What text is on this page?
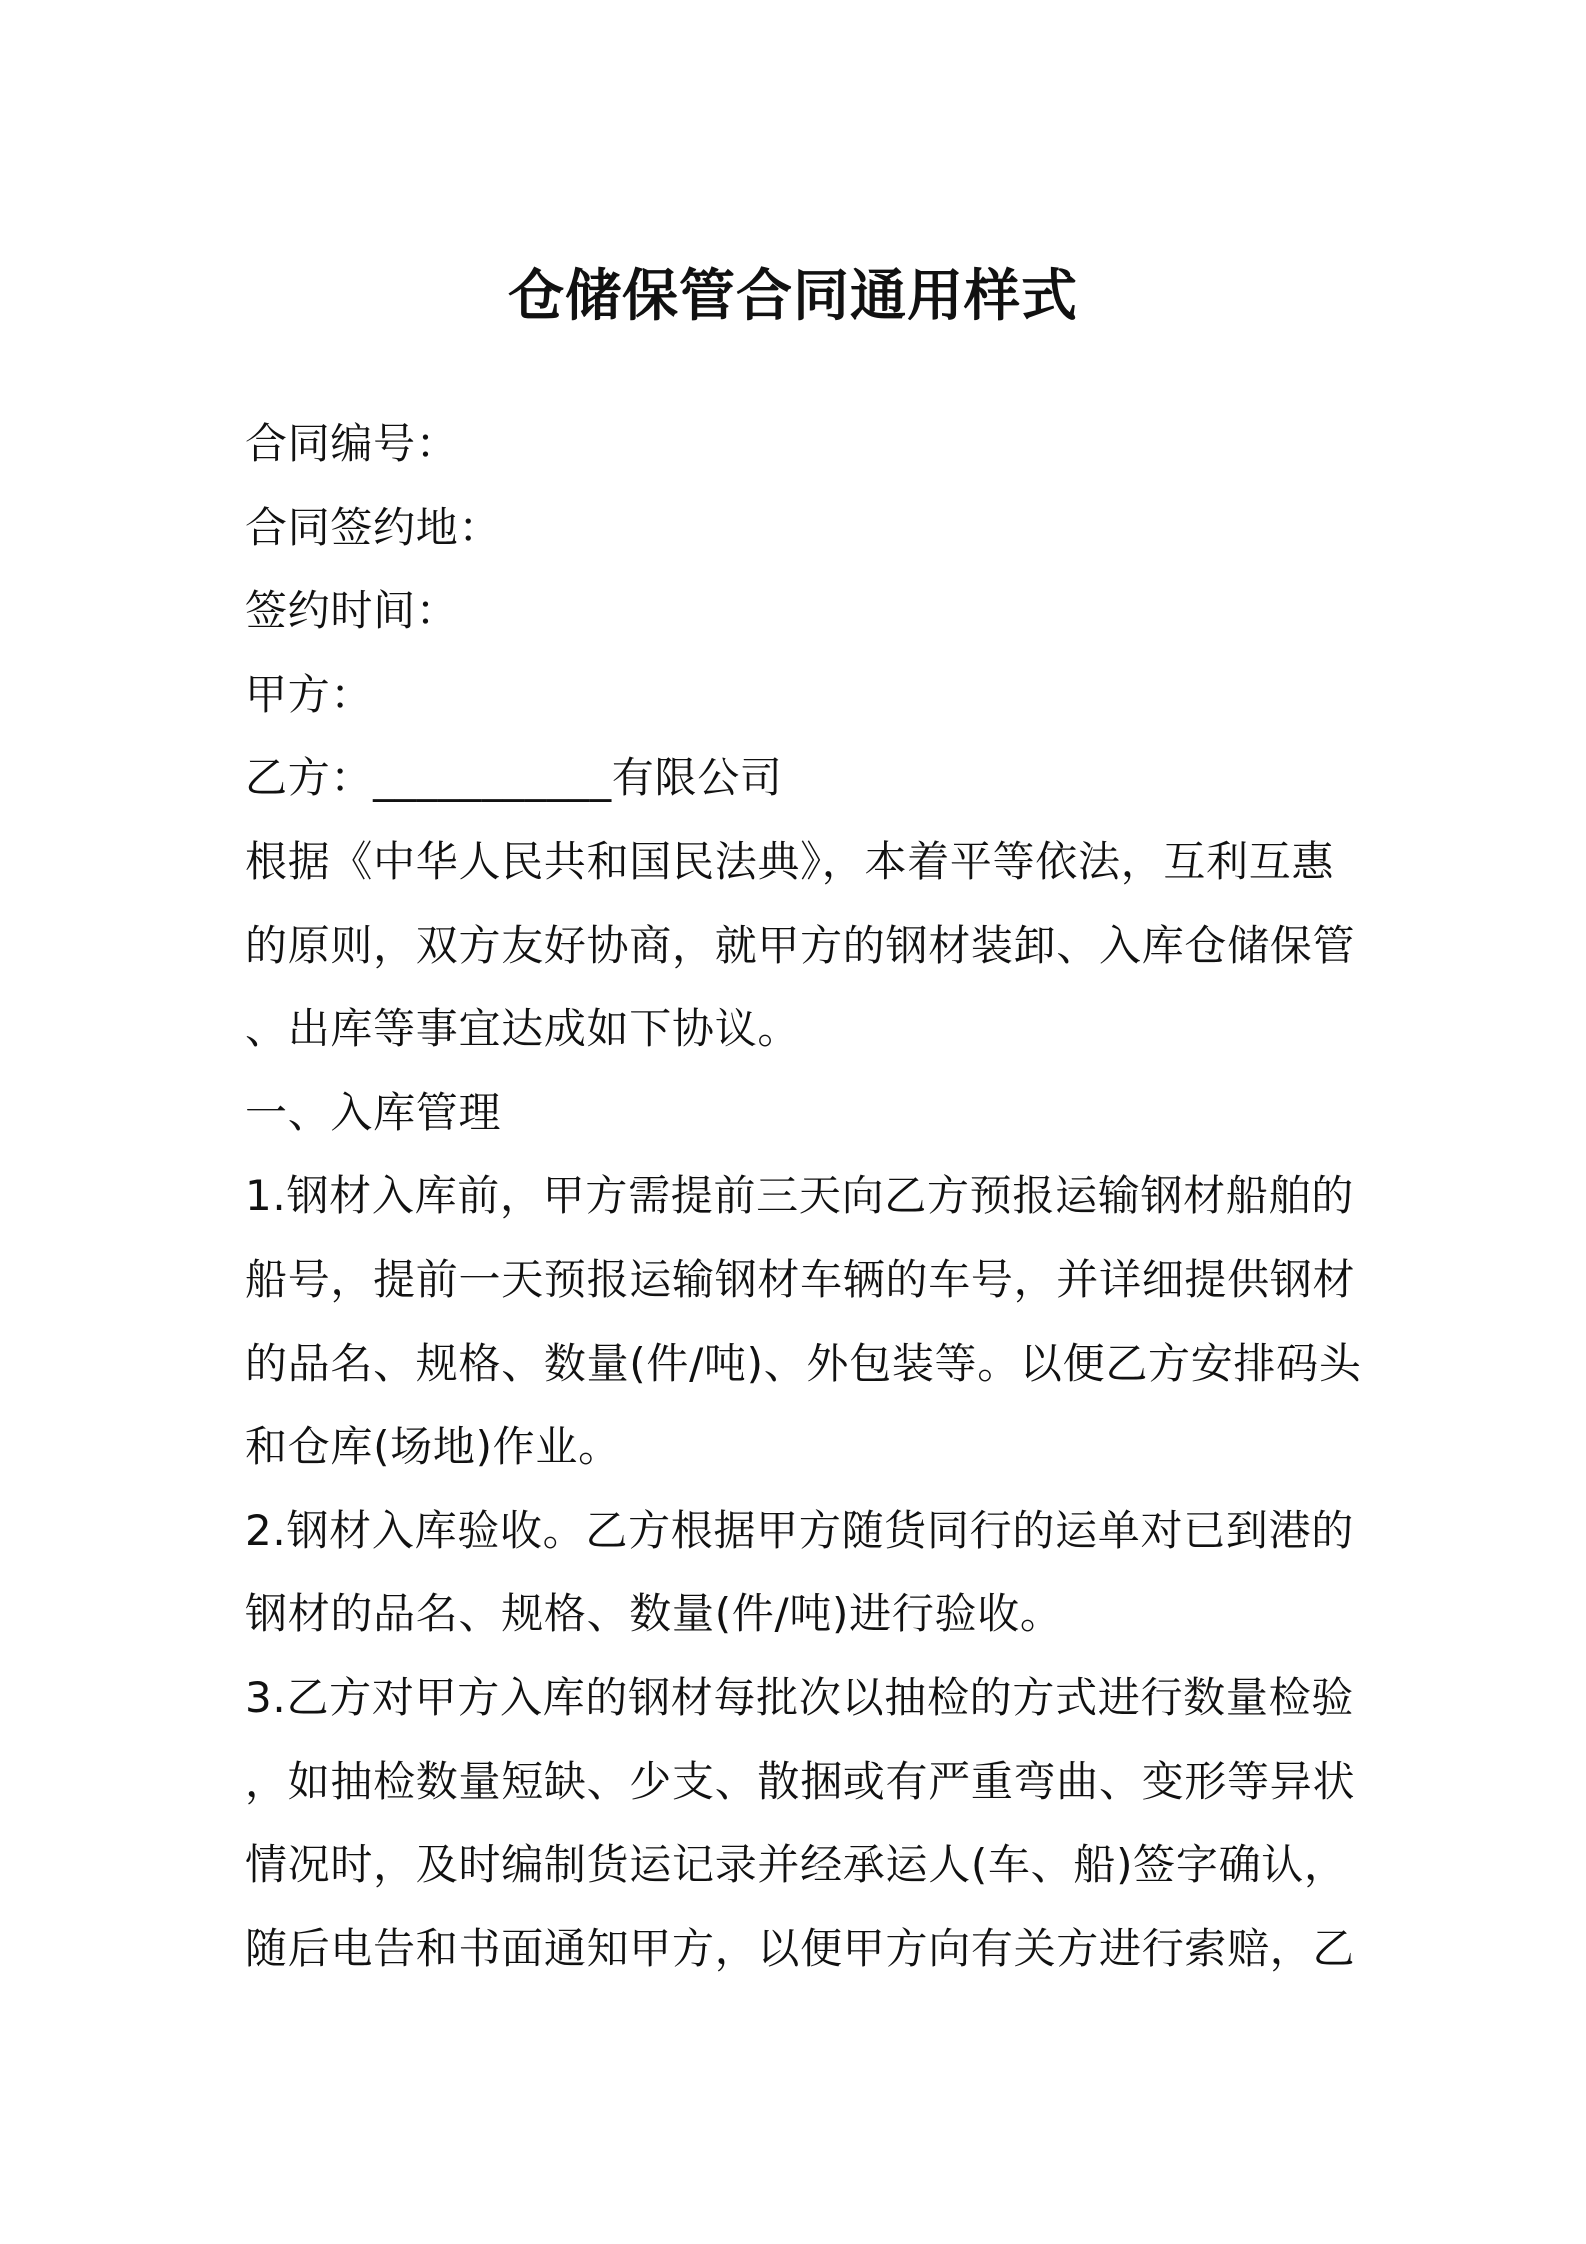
仓储保管合同通用样式
合同编号：
合同签约地：
签约时间：
甲方：
乙方：___________有限公司
根据《中华人民共和国民法典》，本着平等依法，互利互惠
的原则，双方友好协商，就甲方的钢材装卸、入库仓储保管
、出库等事宜达成如下协议。
一、入库管理
1.钢材入库前，甲方需提前三天向乙方预报运输钢材船舶的
船号，提前一天预报运输钢材车辆的车号，并详细提供钢材
的品名、规格、数量(件/吨)、外包装等。以便乙方安排码头
和仓库(场地)作业。
2.钢材入库验收。乙方根据甲方随货同行的运单对已到港的
钢材的品名、规格、数量(件/吨)进行验收。
3.乙方对甲方入库的钢材每批次以抽检的方式进行数量检验
，如抽检数量短缺、少支、散捆或有严重弯曲、变形等异状
情况时，及时编制货运记录并经承运人(车、船)签字确认，
随后电告和书面通知甲方，以便甲方向有关方进行索赔，乙
